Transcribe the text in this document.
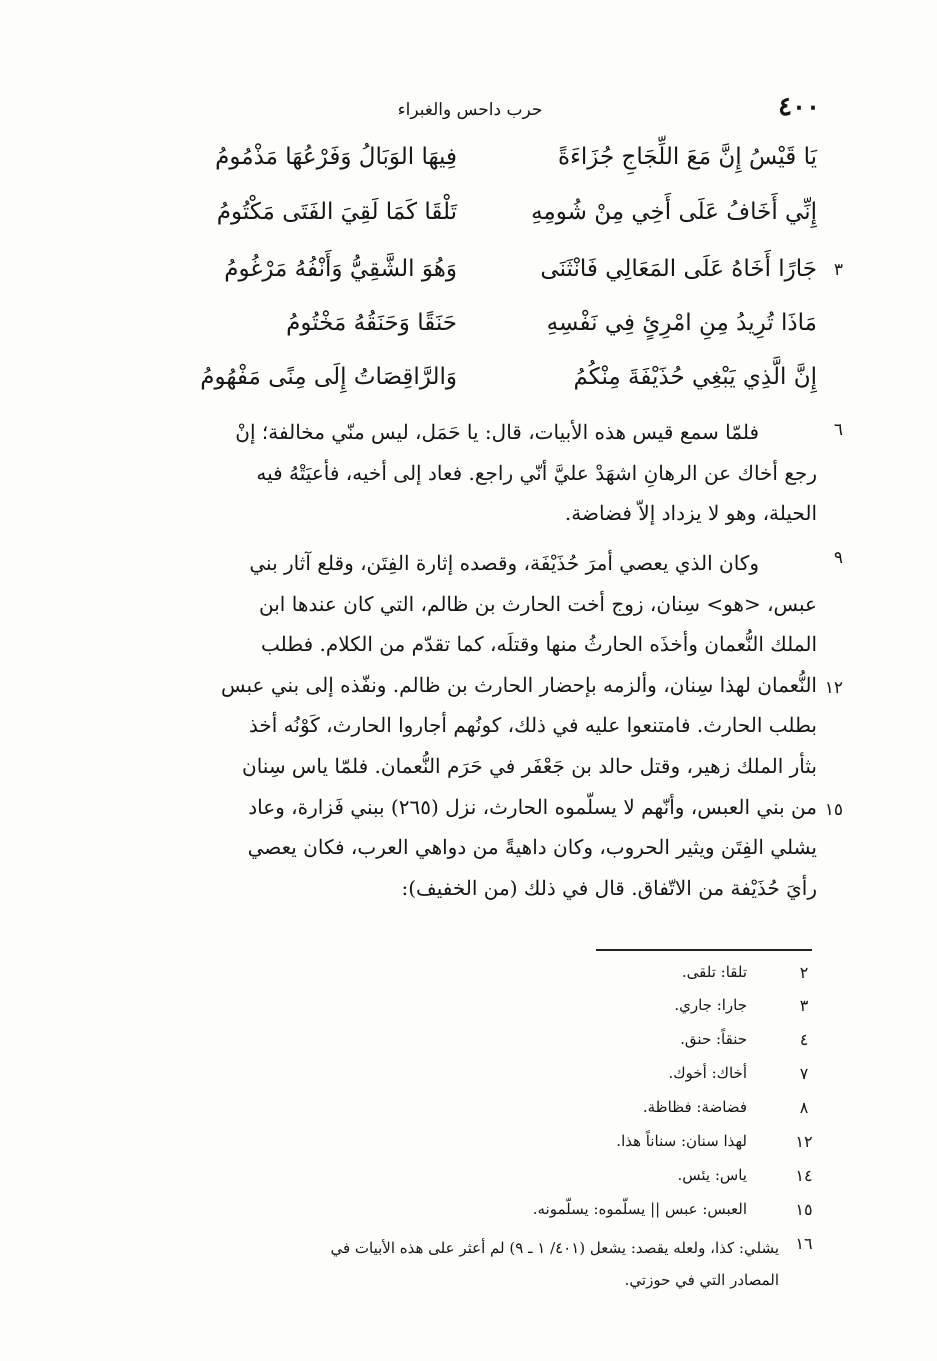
٤٠٠
حرب داحس والغبراء
يَا قَيْسُ إِنَّ مَعَ اللِّجَاجِ جُزَاءَةً
فِيهَا الوَبَالُ وَفَرْعُهَا مَذْمُومُ
إِنِّي أَخَافُ عَلَى أَخِي مِنْ شُومِهِ
تَلْقَا كَمَا لَقِيَ الفَتَى مَكْتُومُ
٣
جَارًا أَخَاهُ عَلَى المَعَالِي فَانْثَنَى
وَهُوَ الشَّقِيُّ وَأَنْفُهُ مَرْغُومُ
مَاذَا تُرِيدُ مِنِ امْرِئٍ فِي نَفْسِهِ
حَنَقًا وَحَنَقُهُ مَخْتُومُ
إِنَّ الَّذِي يَبْغِي حُذَيْفَةَ مِنْكُمُ
وَالرَّاقِصَاتُ إِلَى مِنًى مَفْهُومُ
٦
فلمّا سمع قيس هذه الأبيات، قال: يا حَمَل، ليس منّي مخالفة؛ إنْ
رجع أخاك عن الرهانِ اشهَدْ عليَّ أنّي راجع. فعاد إلى أخيه، فأعيَتْهُ فيه
الحيلة، وهو لا يزداد إلاّ فضاضة.
٩
١٢
١٥
وكان الذي يعصي أمرَ حُذَيْفَة، وقصده إثارة الفِتَن، وقلع آثار بني
عبس، <هو> سِنان، زوج أخت الحارث بن ظالم، التي كان عندها ابن
الملك النُّعمان وأخذَه الحارثُ منها وقتلَه، كما تقدّم من الكلام. فطلب
النُّعمان لهذا سِنان، وألزمه بإحضار الحارث بن ظالم. ونفّذه إلى بني عبس
بطلب الحارث. فامتنعوا عليه في ذلك، كونُهم أجاروا الحارث، كَوْنُه أخذ
بثأر الملك زهير، وقتل حالد بن جَعْفَر في حَرَم النُّعمان. فلمّا ياس سِنان
من بني العبس، وأنّهم لا يسلّموه الحارث، نزل (٢٦٥) ببني فَزارة، وعاد
يشلي الفِتَن ويثير الحروب، وكان داهيةً من دواهي العرب، فكان يعصي
رأيَ حُذَيْفة من الاتّفاق. قال في ذلك (من الخفيف):
٢
تلقا: تلقى.
٣
جارا: جاري.
٤
حنقاً: حنق.
٧
أخاك: أخوك.
٨
فضاضة: فظاظة.
١٢
لهذا سنان: سناناً هذا.
١٤
ياس: يئس.
١٥
العبس: عبس || يسلّموه: يسلّمونه.
١٦
يشلي: كذا، ولعله يقصد: يشعل (٤٠١/ ١ ـ ٩) لم أعثر على هذه الأبيات في
المصادر التي في حوزتي.
